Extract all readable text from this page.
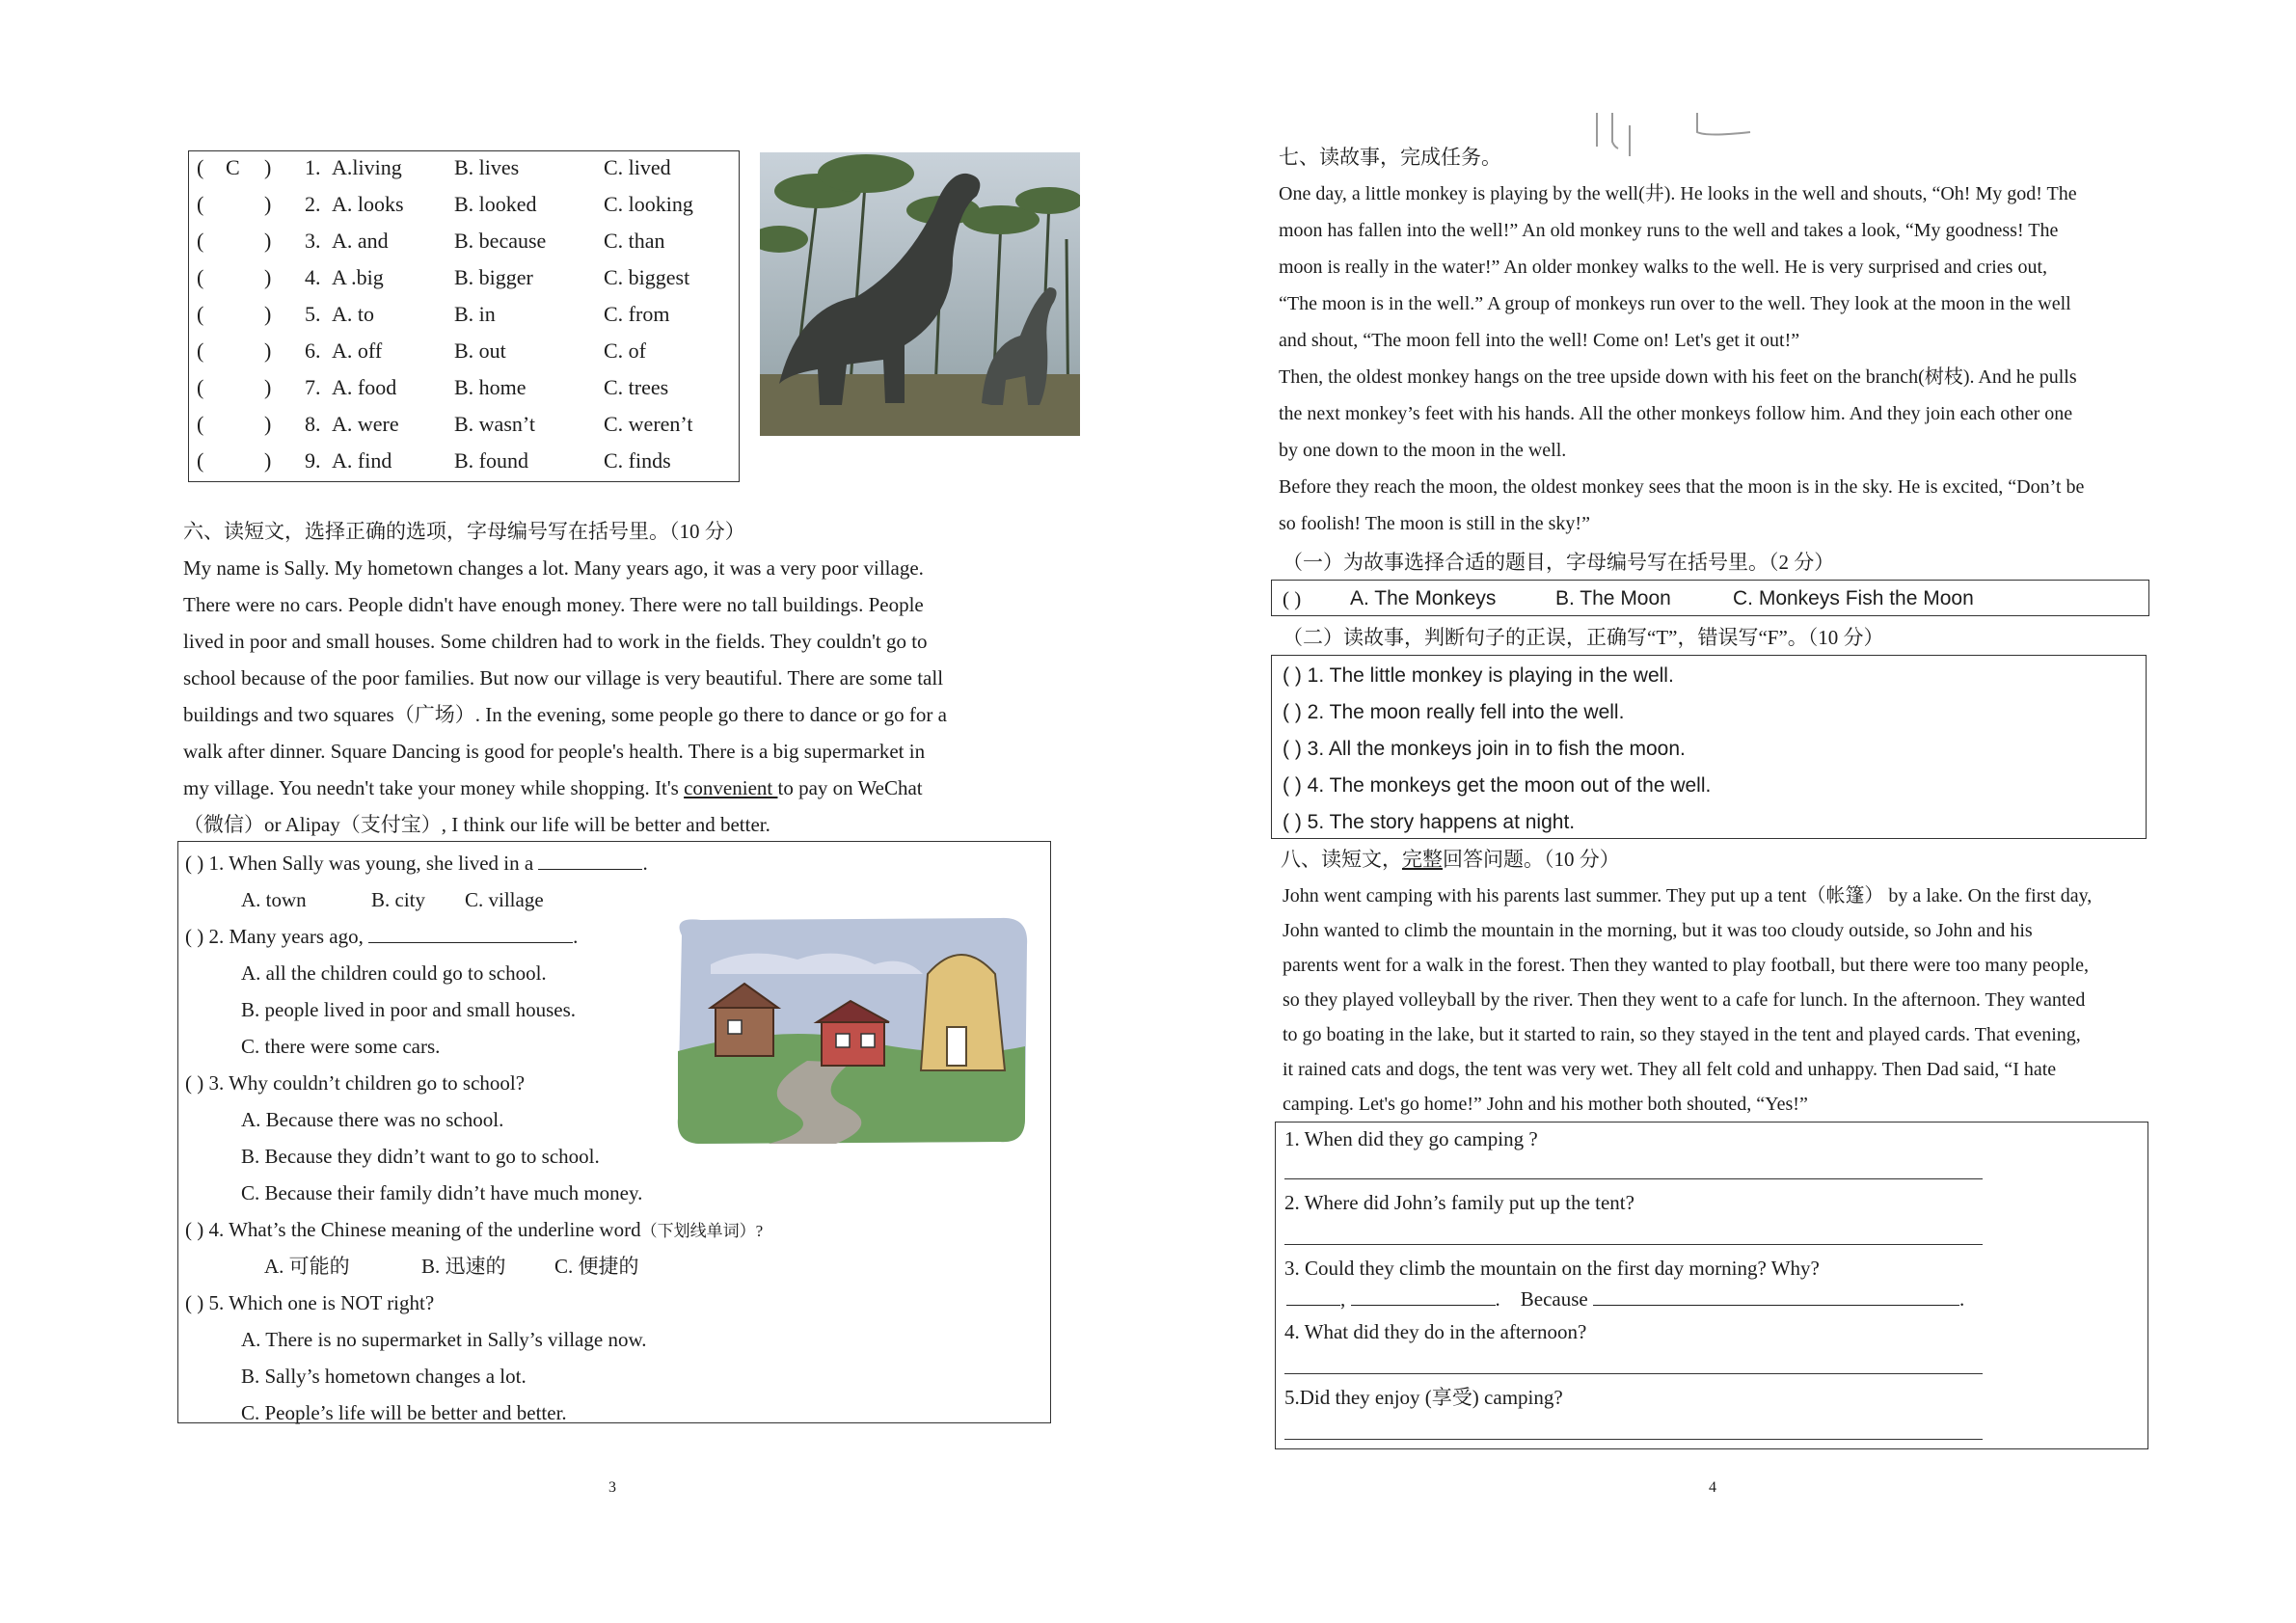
( C ) 1. A.living B. lives	C. lived
(	) 2. A. looks B. looked	C. looking
(	) 3. A. and	B. because	C. than
(	) 4. A .big	B. bigger	C. biggest
(	) 5. A. to	B. in	C. from
(	) 6. A. off	B. out	C. of
(	) 7. A. food	B. home	C. trees
(	) 8. A. were	B. wasn’t	C. weren’t
(	) 9. A. find	B. found	C. finds
六、读短文，选择正确的选项，字母编号写在括号里。（10 分）
My name is Sally. My hometown changes a lot. Many years ago, it was a very poor village.
There were no cars. People didn't have enough money. There were no tall buildings. People
lived in poor and small houses. Some children had to work in the fields. They couldn't go to
school because of the poor families. But now our village is very beautiful. There are some tall
buildings and two squares（广场）. In the evening, some people go there to dance or go for a
walk after dinner. Square Dancing is good for people's health. There is a big supermarket in
my village. You needn't take your money while shopping. It's convenient to pay on WeChat
（微信）or Alipay（支付宝）, I think our life will be better and better.
( ) 1. When Sally was young, she lived in a	.
A. town	B. city C. village
( ) 2. Many years ago,	.
A. all the children could go to school.
B. people lived in poor and small houses.
C. there were some cars.
( ) 3. Why couldn’t children go to school?
A. Because there was no school.
B. Because they didn’t want to go to school.
C. Because their family didn’t have much money.
( ) 4. What’s the Chinese meaning of the underline word（下划线单词）?
A. 可能的	B. 迅速的 C. 便捷的
( ) 5. Which one is NOT right?
A. There is no supermarket in Sally’s village now.
B. Sally’s hometown changes a lot.
C. People’s life will be better and better.
3
七、读故事，完成任务。
One day, a little monkey is playing by the well(井). He looks in the well and shouts, “Oh! My god! The
moon has fallen into the well!” An old monkey runs to the well and takes a look, “My goodness! The
moon is really in the water!” An older monkey walks to the well. He is very surprised and cries out,
“The moon is in the well.” A group of monkeys run over to the well. They look at the moon in the well
and shout, “The moon fell into the well! Come on! Let's get it out!”
Then, the oldest monkey hangs on the tree upside down with his feet on the branch(树枝). And he pulls
the next monkey’s feet with his hands. All the other monkeys follow him. And they join each other one
by one down to the moon in the well.
Before they reach the moon, the oldest monkey sees that the moon is in the sky. He is excited, “Don’t be
so foolish! The moon is still in the sky!”
（一）为故事选择合适的题目，字母编号写在括号里。（2 分）
( ) A. The Monkeys	B. The Moon	C. Monkeys Fish the Moon
（二）读故事，判断句子的正误，正确写“T”，错误写“F”。（10 分）
( ) 1. The little monkey is playing in the well.
( ) 2. The moon really fell into the well.
( ) 3. All the monkeys join in to fish the moon.
( ) 4. The monkeys get the moon out of the well.
( ) 5. The story happens at night.
八、读短文，完整回答问题。（10 分）
John went camping with his parents last summer. They put up a tent（帐篷） by a lake. On the first day,
John wanted to climb the mountain in the morning, but it was too cloudy outside, so John and his
parents went for a walk in the forest. Then they wanted to play football, but there were too many people,
so they played volleyball by the river. Then they went to a cafe for lunch. In the afternoon. They wanted
to go boating in the lake, but it started to rain, so they stayed in the tent and played cards. That evening,
it rained cats and dogs, the tent was very wet. They all felt cold and unhappy. Then Dad said, “I hate
camping. Let's go home!” John and his mother both shouted, “Yes!”
1. When did they go camping ?
2. Where did John’s family put up the tent?
3. Could they climb the mountain on the first day morning? Why?
,	.    Because	.
4. What did they do in the afternoon?
5.Did they enjoy (享受) camping?
4
